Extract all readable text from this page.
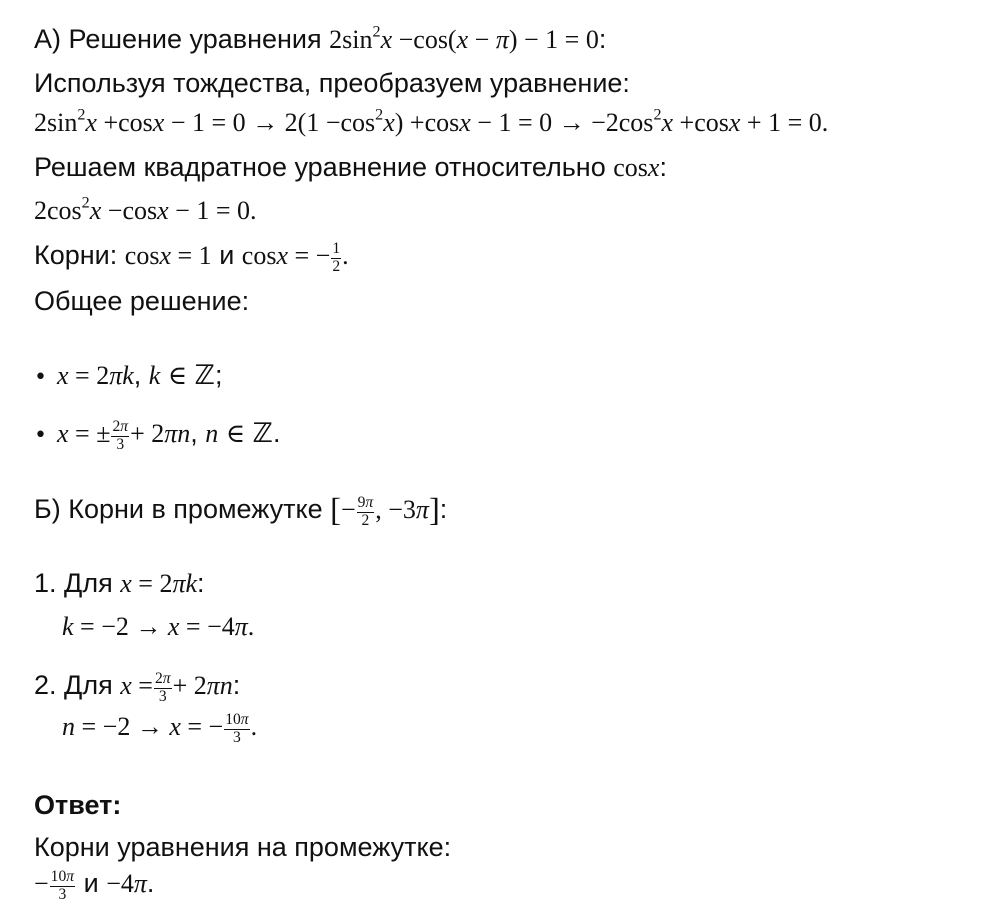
А) Решение уравнения $2\sin^2x -\cos(x - \pi) - 1 = 0$:
Используя тождества, преобразуем уравнение:
$2\sin^2x +\cos x - 1 = 0 \to 2(1 -\cos^2x) +\cos x - 1 = 0 \to -2\cos^2x +\cos x + 1 = 0$.
Решаем квадратное уравнение относительно cosx:
$2\cos^2x -\cos x - 1 = 0$.
Корни: cosx = 1 и cosx = − $\frac{1}{2}$ .
Общее решение:
• x = 2πk, k ∈ ℤ;
• x = ± $\frac{2\pi}{3} + 2\pi n$, n ∈ ℤ.
Б) Корни в промежутке [− $\frac{9\pi}{2}$ , −3π]:
1. Для x = 2πk:
k = −2 → x = −4π.
2. Для $x = \frac{2\pi}{3} + 2\pi n$:
n = −2 → x = − $\frac{10\pi}{3}$ .
Ответ:
Корни уравнения на промежутке:
− $\frac{10\pi}{3}$ и −4π.
